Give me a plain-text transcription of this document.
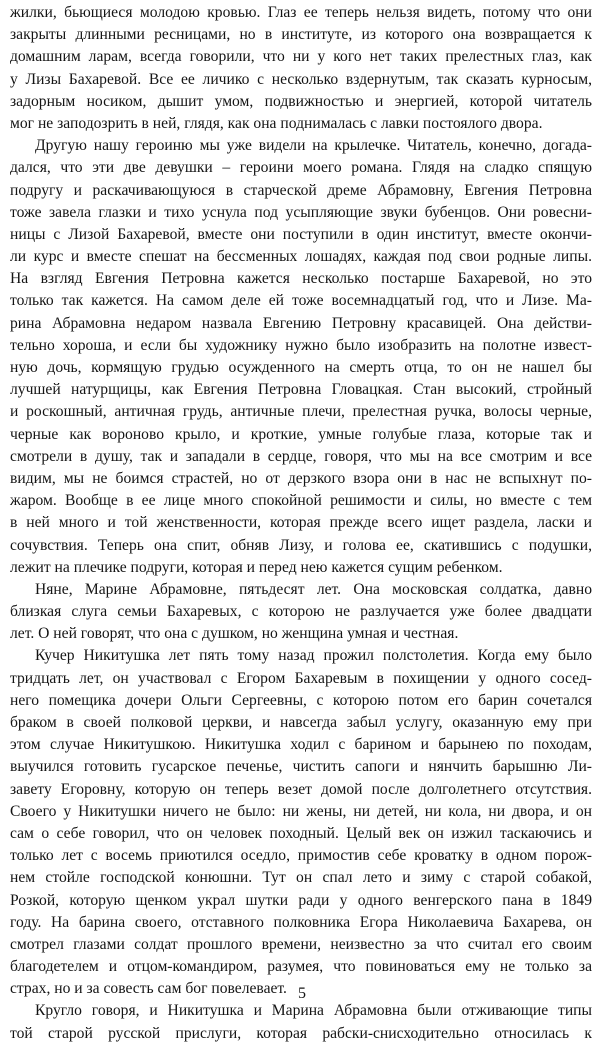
жилки, бьющиеся молодою кровью. Глаз ее теперь нельзя видеть, потому что они
закрыты длинными ресницами, но в институте, из которого она возвращается к
домашним ларам, всегда говорили, что ни у кого нет таких прелестных глаз, как
у Лизы Бахаревой. Все ее личико с несколько вздернутым, так сказать курносым,
задорным носиком, дышит умом, подвижностью и энергией, которой читатель
мог не заподозрить в ней, глядя, как она поднималась с лавки постоялого двора.
Другую нашу героиню мы уже видели на крылечке. Читатель, конечно, догада-
дался, что эти две девушки – героини моего романа. Глядя на сладко спящую
подругу и раскачивающуюся в старческой дреме Абрамовну, Евгения Петровна
тоже завела глазки и тихо уснула под усыпляющие звуки бубенцов. Они ровесни-
ницы с Лизой Бахаревой, вместе они поступили в один институт, вместе окончи-
ли курс и вместе спешат на бессменных лошадях, каждая под свои родные липы.
На взгляд Евгения Петровна кажется несколько постарше Бахаревой, но это
только так кажется. На самом деле ей тоже восемнадцатый год, что и Лизе. Ма-
рина Абрамовна недаром назвала Евгению Петровну красавицей. Она действи-
тельно хороша, и если бы художнику нужно было изобразить на полотне извест-
ную дочь, кормящую грудью осужденного на смерть отца, то он не нашел бы
лучшей натурщицы, как Евгения Петровна Гловацкая. Стан высокий, стройный
и роскошный, античная грудь, античные плечи, прелестная ручка, волосы черные,
черные как вороново крыло, и кроткие, умные голубые глаза, которые так и
смотрели в душу, так и западали в сердце, говоря, что мы на все смотрим и все
видим, мы не боимся страстей, но от дерзкого взора они в нас не вспыхнут по-
жаром. Вообще в ее лице много спокойной решимости и силы, но вместе с тем
в ней много и той женственности, которая прежде всего ищет раздела, ласки и
сочувствия. Теперь она спит, обняв Лизу, и голова ее, скатившись с подушки,
лежит на плечике подруги, которая и перед нею кажется сущим ребенком.
Няне, Марине Абрамовне, пятьдесят лет. Она московская солдатка, давно
близкая слуга семьи Бахаревых, с которою не разлучается уже более двадцати
лет. О ней говорят, что она с душком, но женщина умная и честная.
Кучер Никитушка лет пять тому назад прожил полстолетия. Когда ему было
тридцать лет, он участвовал с Егором Бахаревым в похищении у одного сосед-
него помещика дочери Ольги Сергеевны, с которою потом его барин сочетался
браком в своей полковой церкви, и навсегда забыл услугу, оказанную ему при
этом случае Никитушкою. Никитушка ходил с барином и барынею по походам,
выучился готовить гусарское печенье, чистить сапоги и нянчить барышню Ли-
завету Егоровну, которую он теперь везет домой после долголетнего отсутствия.
Своего у Никитушки ничего не было: ни жены, ни детей, ни кола, ни двора, и он
сам о себе говорил, что он человек походный. Целый век он изжил таскаючись и
только лет с восемь приютился оседло, примостив себе кроватку в одном порож-
нем стойле господской конюшни. Тут он спал лето и зиму с старой собакой,
Розкой, которую щенком украл шутки ради у одного венгерского пана в 1849
году. На барина своего, отставного полковника Егора Николаевича Бахарева, он
смотрел глазами солдат прошлого времени, неизвестно за что считал его своим
благодетелем и отцом-командиром, разумея, что повиноваться ему не только за
страх, но и за совесть сам бог повелевает.
Кругло говоря, и Никитушка и Марина Абрамовна были отживающие типы
той старой русской прислуги, которая рабски-снисходительно относилась к
5
